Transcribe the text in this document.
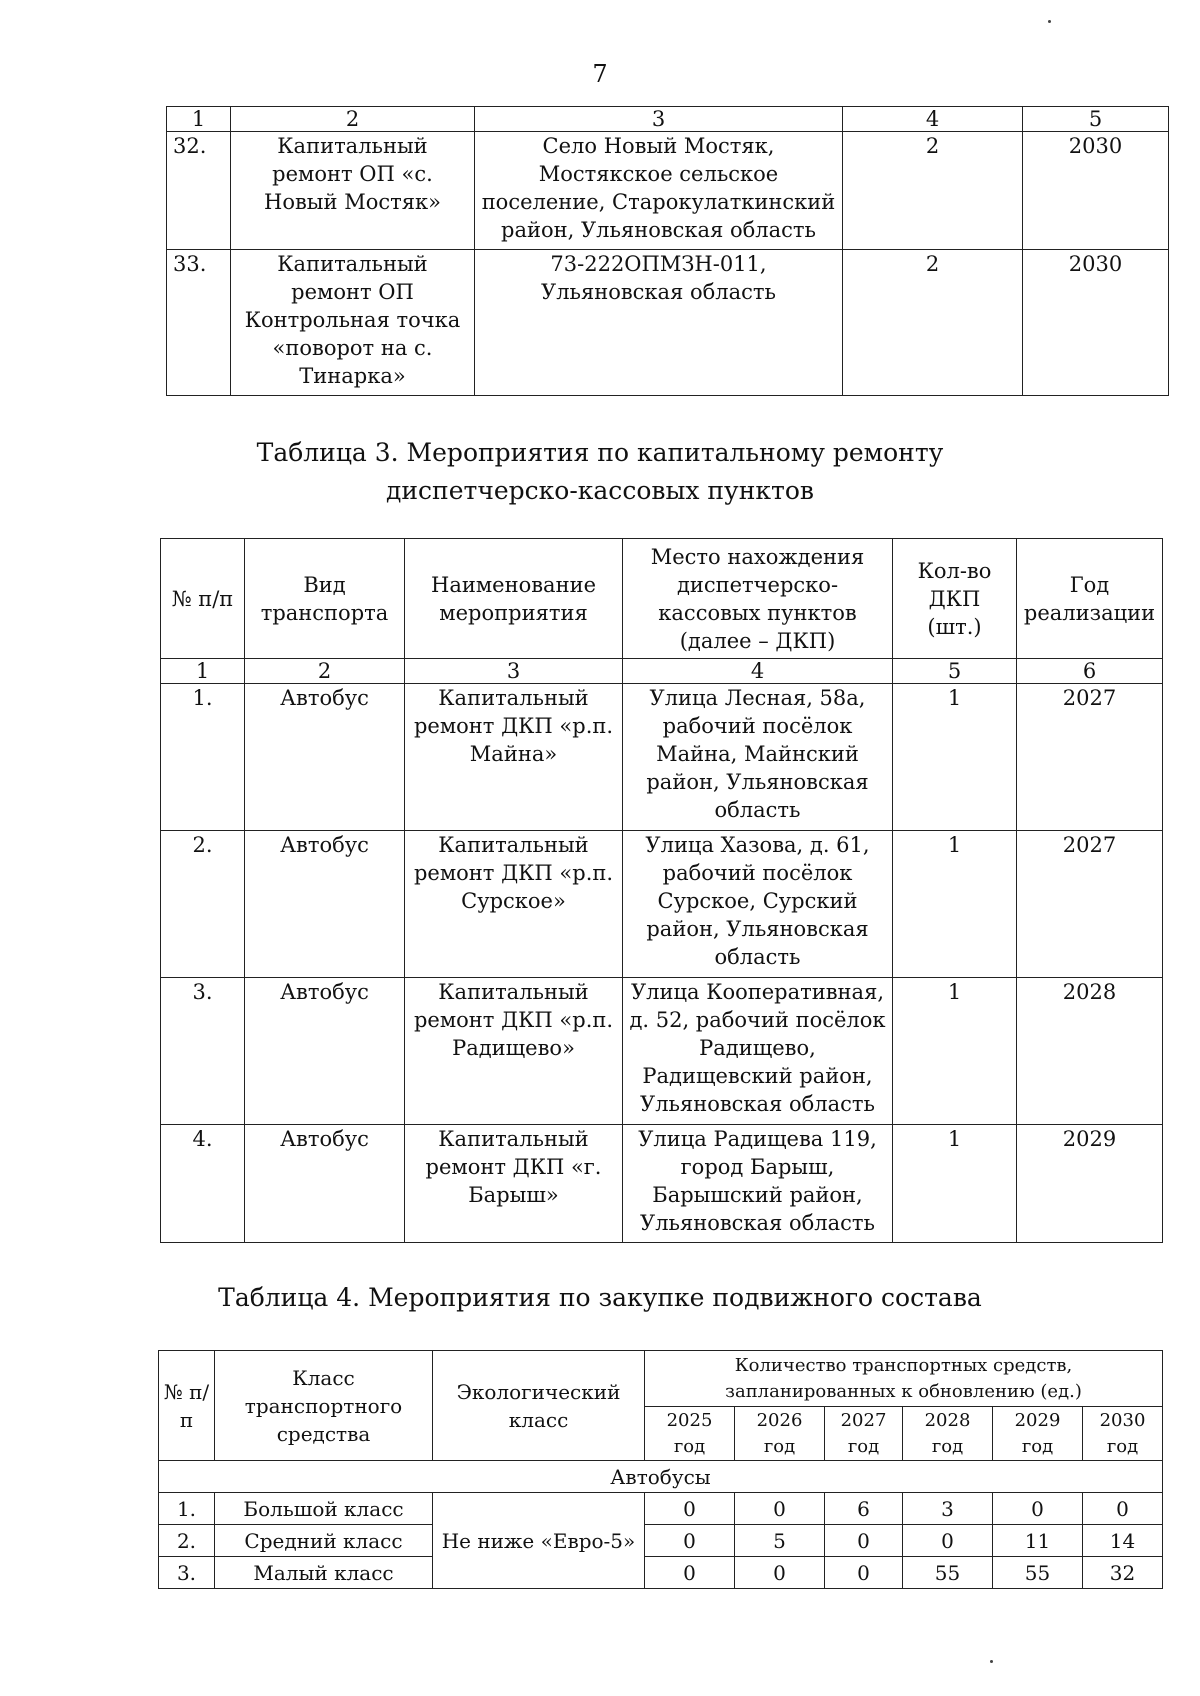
7
1	2	3	4	5
32.	Капитальный ремонт ОП «с. Новый Мостяк»	Село Новый Мостяк, Мостякское сельское поселение, Старокулаткинский район, Ульяновская область	2	2030
33.	Капитальный ремонт ОП Контрольная точка «поворот на с. Тинарка»	73-222ОПМЗН-011, Ульяновская область	2	2030
Таблица 3. Мероприятия по капитальному ремонту
диспетчерско-кассовых пунктов
№ п/п	Вид транспорта	Наименование мероприятия	Место нахождения диспетчерско-кассовых пунктов (далее – ДКП)	Кол-во ДКП (шт.)	Год реализации
1	2	3	4	5	6
1.	Автобус	Капитальный ремонт ДКП «р.п. Майна»	Улица Лесная, 58а, рабочий посёлок Майна, Майнский район, Ульяновская область	1	2027
2.	Автобус	Капитальный ремонт ДКП «р.п. Сурское»	Улица Хазова, д. 61, рабочий посёлок Сурское, Сурский район, Ульяновская область	1	2027
3.	Автобус	Капитальный ремонт ДКП «р.п. Радищево»	Улица Кооперативная, д. 52, рабочий посёлок Радищево, Радищевский район, Ульяновская область	1	2028
4.	Автобус	Капитальный ремонт ДКП «г. Барыш»	Улица Радищева 119, город Барыш, Барышский район, Ульяновская область	1	2029
Таблица 4. Мероприятия по закупке подвижного состава
№ п/п	Класс транспортного средства	Экологический класс	Количество транспортных средств, запланированных к обновлению (ед.)					
			2025 год	2026 год	2027 год	2028 год	2029 год	2030 год
Автобусы								
1.	Большой класс	Не ниже «Евро-5»	0	0	6	3	0	0
2.	Средний класс		0	5	0	0	11	14
3.	Малый класс		0	0	0	55	55	32
